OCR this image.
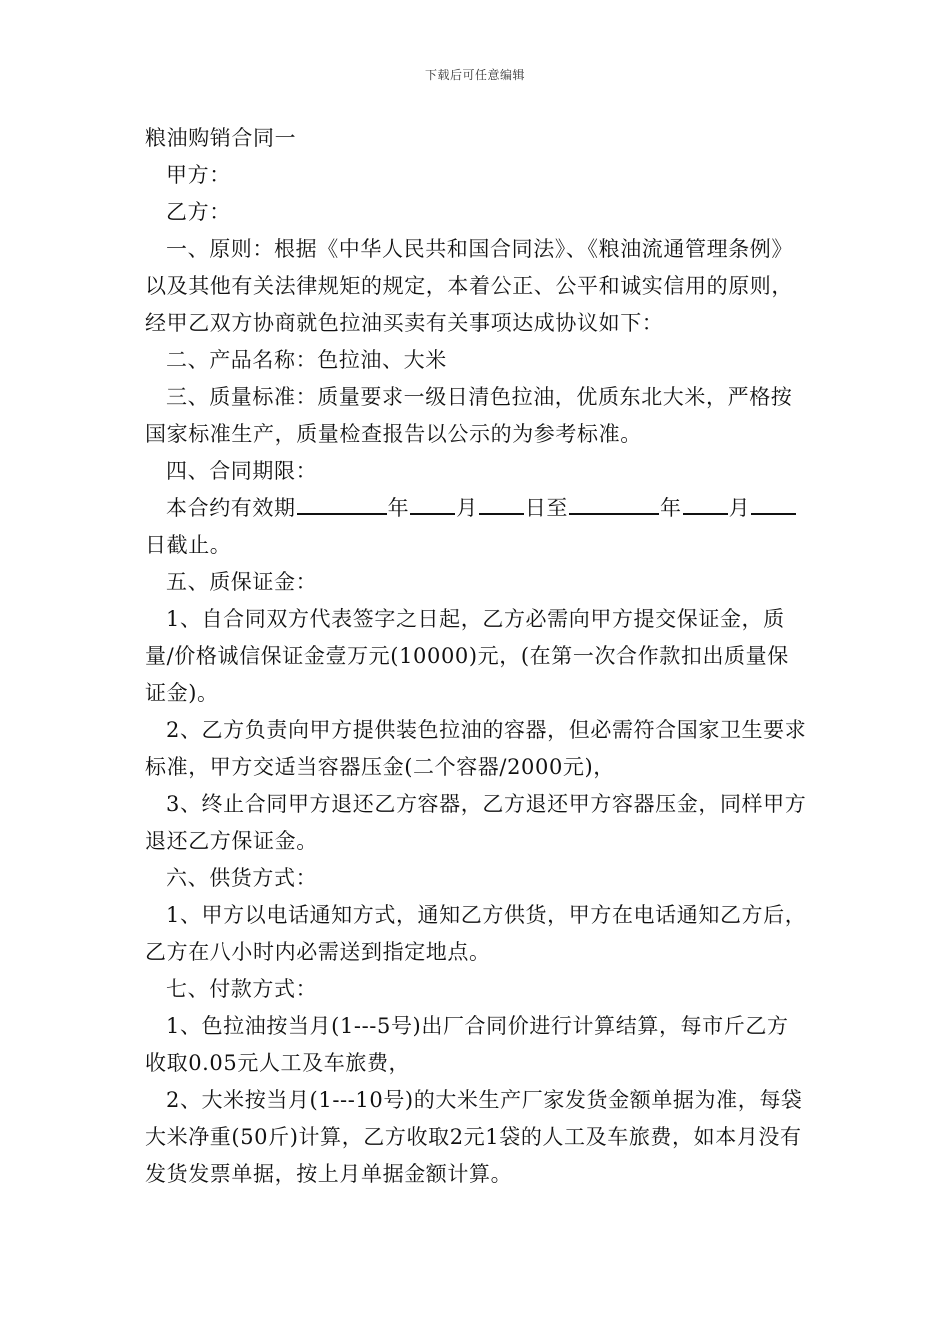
下载后可任意编辑

粮油购销合同一

甲方：

乙方：

一、原则：根据《中华人民共和国合同法》、《粮油流通管理条例》以及其他有关法律规矩的规定，本着公正、公平和诚实信用的原则，经甲乙双方协商就色拉油买卖有关事项达成协议如下：

二、产品名称：色拉油、大米

三、质量标准：质量要求一级日清色拉油，优质东北大米，严格按国家标准生产，质量检查报告以公示的为参考标准。

四、合同期限：

本合约有效期	年 月 日至	年 月日截止。

五、质保证金：

1、自合同双方代表签字之日起，乙方必需向甲方提交保证金，质量/价格诚信保证金壹万元(10000)元，(在第一次合作款扣出质量保证金)。

2、乙方负责向甲方提供装色拉油的容器，但必需符合国家卫生要求标准，甲方交适当容器压金(二个容器/2000元)，

3、终止合同甲方退还乙方容器，乙方退还甲方容器压金，同样甲方退还乙方保证金。

六、供货方式：

1、甲方以电话通知方式，通知乙方供货，甲方在电话通知乙方后，乙方在八小时内必需送到指定地点。

七、付款方式：

1、色拉油按当月(1---5号)出厂合同价进行计算结算，每市斤乙方收取0.05元人工及车旅费，

2、大米按当月(1---10号)的大米生产厂家发货金额单据为准，每袋大米净重(50斤)计算，乙方收取2元1袋的人工及车旅费，如本月没有发货发票单据，按上月单据金额计算。
